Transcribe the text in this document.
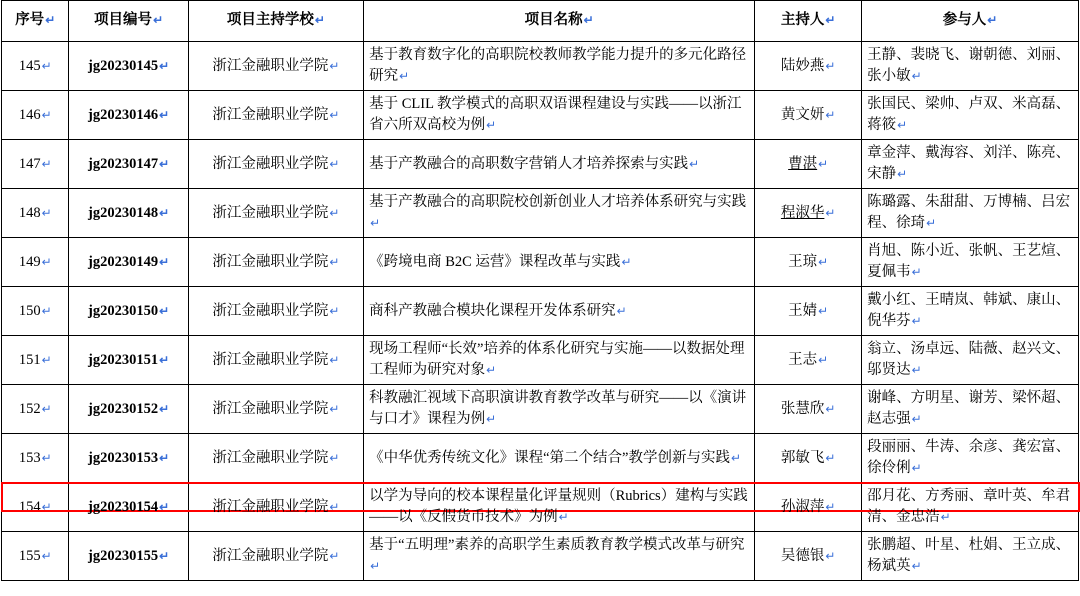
序号↵	项目编号↵	项目主持学校↵	项目名称↵	主持人↵	参与人↵
145↵	jg20230145↵	浙江金融职业学院↵	基于教育数字化的高职院校教师教学能力提升的多元化路径研究↵	陆妙燕↵	王静、裴晓飞、谢朝德、刘丽、张小敏↵
146↵	jg20230146↵	浙江金融职业学院↵	基于 CLIL 教学模式的高职双语课程建设与实践——以浙江省六所双高校为例↵	黄文妍↵	张国民、梁帅、卢双、米高磊、蒋筱↵
147↵	jg20230147↵	浙江金融职业学院↵	基于产教融合的高职数字营销人才培养探索与实践↵	曹湛↵	章金萍、戴海容、刘洋、陈亮、宋静↵
148↵	jg20230148↵	浙江金融职业学院↵	基于产教融合的高职院校创新创业人才培养体系研究与实践↵	程淑华↵	陈璐露、朱甜甜、万博楠、吕宏程、徐琦↵
149↵	jg20230149↵	浙江金融职业学院↵	《跨境电商 B2C 运营》课程改革与实践↵	王琼↵	肖旭、陈小近、张帆、王艺煊、夏佩韦↵
150↵	jg20230150↵	浙江金融职业学院↵	商科产教融合模块化课程开发体系研究↵	王婧↵	戴小红、王晴岚、韩斌、康山、倪华芬↵
151↵	jg20230151↵	浙江金融职业学院↵	现场工程师“长效”培养的体系化研究与实施——以数据处理工程师为研究对象↵	王志↵	翁立、汤卓远、陆薇、赵兴文、邬贤达↵
152↵	jg20230152↵	浙江金融职业学院↵	科教融汇视域下高职演讲教育教学改革与研究——以《演讲与口才》课程为例↵	张慧欣↵	谢峰、方明星、谢芳、梁怀超、赵志强↵
153↵	jg20230153↵	浙江金融职业学院↵	《中华优秀传统文化》课程“第二个结合”教学创新与实践↵	郭敏飞↵	段丽丽、牛涛、余彦、龚宏富、徐伶俐↵
154↵	jg20230154↵	浙江金融职业学院↵	以学为导向的校本课程量化评量规则（Rubrics）建构与实践——以《反假货币技术》为例↵	孙淑萍↵	邵月花、方秀丽、章叶英、牟君清、金忠浩↵
155↵	jg20230155↵	浙江金融职业学院↵	基于“五明理”素养的高职学生素质教育教学模式改革与研究↵	吴德银↵	张鹏超、叶星、杜娟、王立成、杨斌英↵
